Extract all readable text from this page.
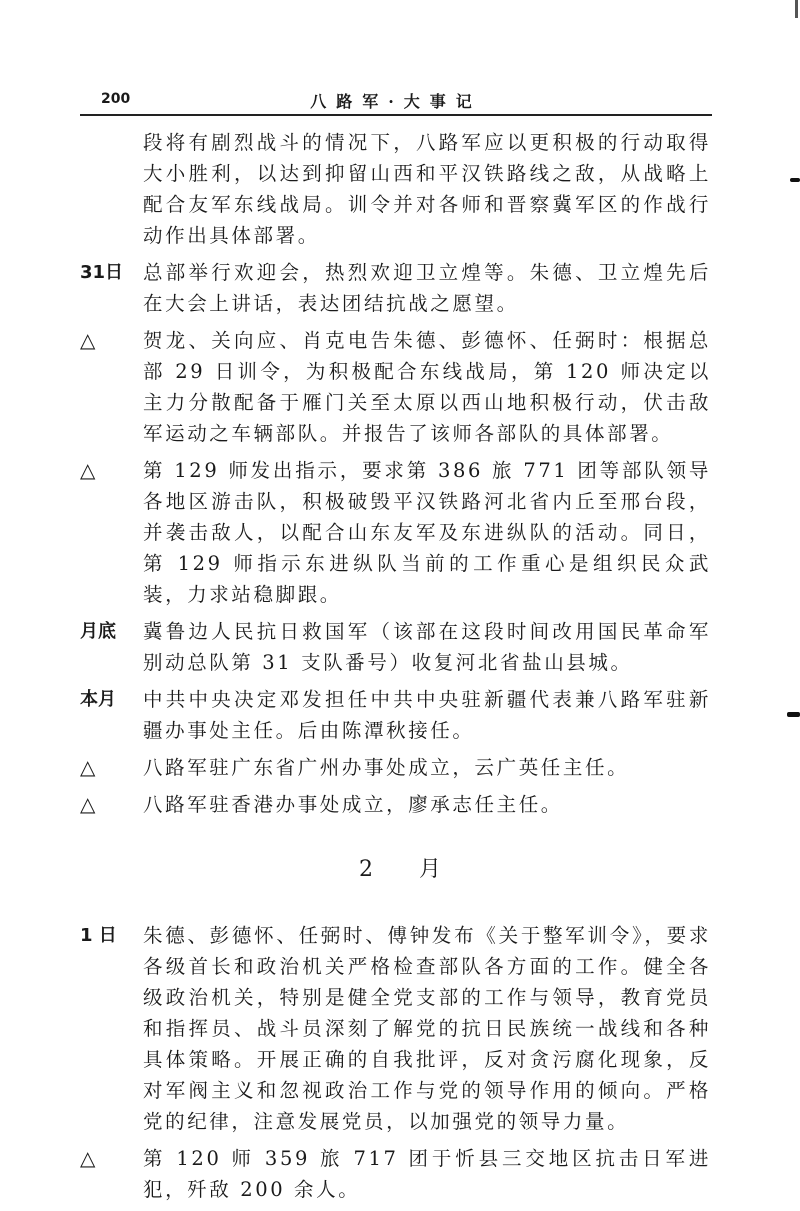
200	八路军·大事记
段将有剧烈战斗的情况下，八路军应以更积极的行动取得大小胜利，以达到抑留山西和平汉铁路线之敌，从战略上配合友军东线战局。训令并对各师和晋察冀军区的作战行动作出具体部署。
31日	总部举行欢迎会，热烈欢迎卫立煌等。朱德、卫立煌先后在大会上讲话，表达团结抗战之愿望。
△	贺龙、关向应、肖克电告朱德、彭德怀、任弼时：根据总部 29 日训令，为积极配合东线战局，第 120 师决定以主力分散配备于雁门关至太原以西山地积极行动，伏击敌军运动之车辆部队。并报告了该师各部队的具体部署。
△	第 129 师发出指示，要求第 386 旅 771 团等部队领导各地区游击队，积极破毁平汉铁路河北省内丘至邢台段，并袭击敌人，以配合山东友军及东进纵队的活动。同日，第 129 师指示东进纵队当前的工作重心是组织民众武装，力求站稳脚跟。
月底	冀鲁边人民抗日救国军（该部在这段时间改用国民革命军别动总队第 31 支队番号）收复河北省盐山县城。
本月	中共中央决定邓发担任中共中央驻新疆代表兼八路军驻新疆办事处主任。后由陈潭秋接任。
△	八路军驻广东省广州办事处成立，云广英任主任。
△	八路军驻香港办事处成立，廖承志任主任。
2 月
1 日	朱德、彭德怀、任弼时、傅钟发布《关于整军训令》，要求各级首长和政治机关严格检查部队各方面的工作。健全各级政治机关，特别是健全党支部的工作与领导，教育党员和指挥员、战斗员深刻了解党的抗日民族统一战线和各种具体策略。开展正确的自我批评，反对贪污腐化现象，反对军阀主义和忽视政治工作与党的领导作用的倾向。严格党的纪律，注意发展党员，以加强党的领导力量。
△	第 120 师 359 旅 717 团于忻县三交地区抗击日军进犯，歼敌 200 余人。
